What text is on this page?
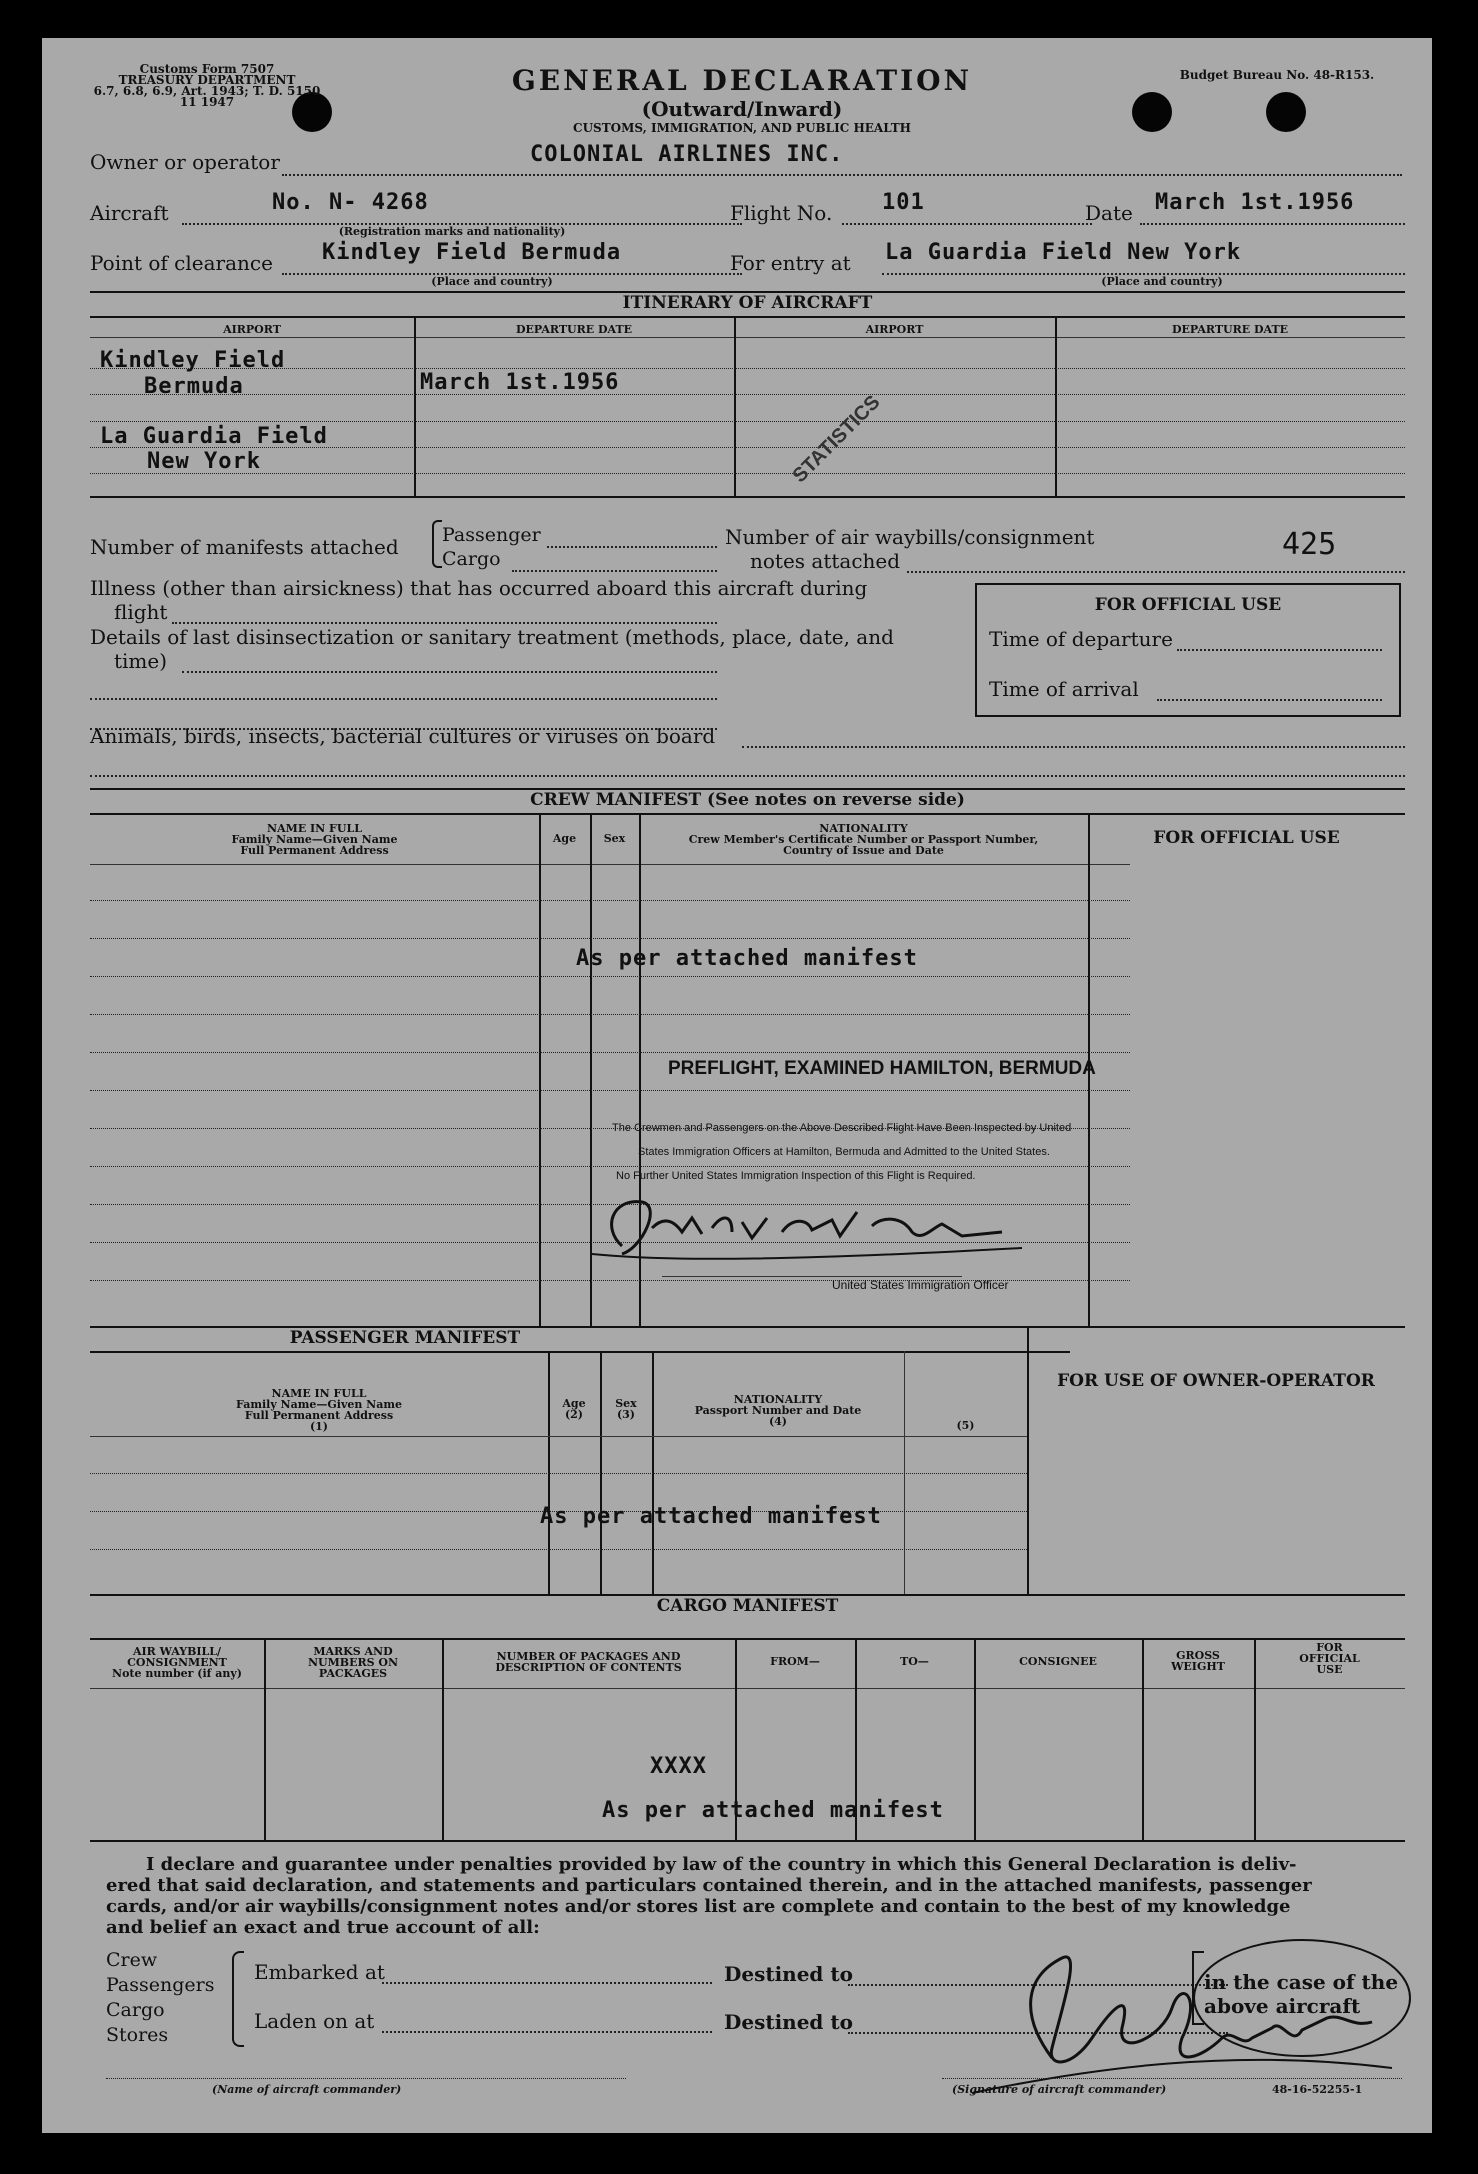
Customs Form 7507
TREASURY DEPARTMENT
6.7, 6.8, 6.9, Art. 1943; T. D. 5150
11 1947
GENERAL DECLARATION
(Outward/Inward)
CUSTOMS, IMMIGRATION, AND PUBLIC HEALTH
Budget Bureau No. 48-R153.
Owner or operator	COLONIAL AIRLINES INC.
Aircraft	No. N- 4268
(Registration marks and nationality)
Flight No. 101	Date March 1st.1956
Point of clearance Kindley Field Bermuda
(Place and country)
For entry at La Guardia Field New York
(Place and country)
ITINERARY OF AIRCRAFT
AIRPORT	DEPARTURE DATE	AIRPORT	DEPARTURE DATE
Kindley Field
Bermuda	March 1st.1956
La Guardia Field
New York	STATISTICS
Number of manifests attached Passenger
Cargo
Number of air waybills/consignment
notes attached	425
Illness (other than airsickness) that has occurred aboard this aircraft during
flight
Details of last disinsectization or sanitary treatment (methods, place, date, and
time)
FOR OFFICIAL USE
Time of departure
Time of arrival
Animals, birds, insects, bacterial cultures or viruses on board
CREW MANIFEST (See notes on reverse side)
NAME IN FULL
Family Name—Given Name
Full Permanent Address
Age	Sex
NATIONALITY
Crew Member's Certificate Number or Passport Number,
Country of Issue and Date
FOR OFFICIAL USE
As per attached manifest
PREFLIGHT, EXAMINED HAMILTON, BERMUDA
The Crewmen and Passengers on the Above Described Flight Have Been Inspected by United
States Immigration Officers at Hamilton, Bermuda and Admitted to the United States.
No Further United States Immigration Inspection of this Flight is Required.
United States Immigration Officer
PASSENGER MANIFEST
NAME IN FULL
Family Name—Given Name
Full Permanent Address
(1)
Age
(2)
Sex
(3)
NATIONALITY
Passport Number and Date
(4)	(5)
FOR USE OF OWNER-OPERATOR
As per attached manifest
CARGO MANIFEST
AIR WAYBILL/
CONSIGNMENT
Note number (if any)
MARKS AND
NUMBERS ON
PACKAGES
NUMBER OF PACKAGES AND
DESCRIPTION OF CONTENTS	FROM—	TO—	CONSIGNEE	GROSS
WEIGHT
FOR
OFFICIAL
USE
XXXX
As per attached manifest
I declare and guarantee under penalties provided by law of the country in which this General Declaration is deliv-
ered that said declaration, and statements and particulars contained therein, and in the attached manifests, passenger
cards, and/or air waybills/consignment notes and/or stores list are complete and contain to the best of my knowledge
and belief an exact and true account of all:
Crew
Passengers
Cargo
Stores
Embarked at
Laden on at
Destined to
Destined to
in the case of the
above aircraft
(Name of aircraft commander)	(Signature of aircraft commander)	48-16-52255-1
